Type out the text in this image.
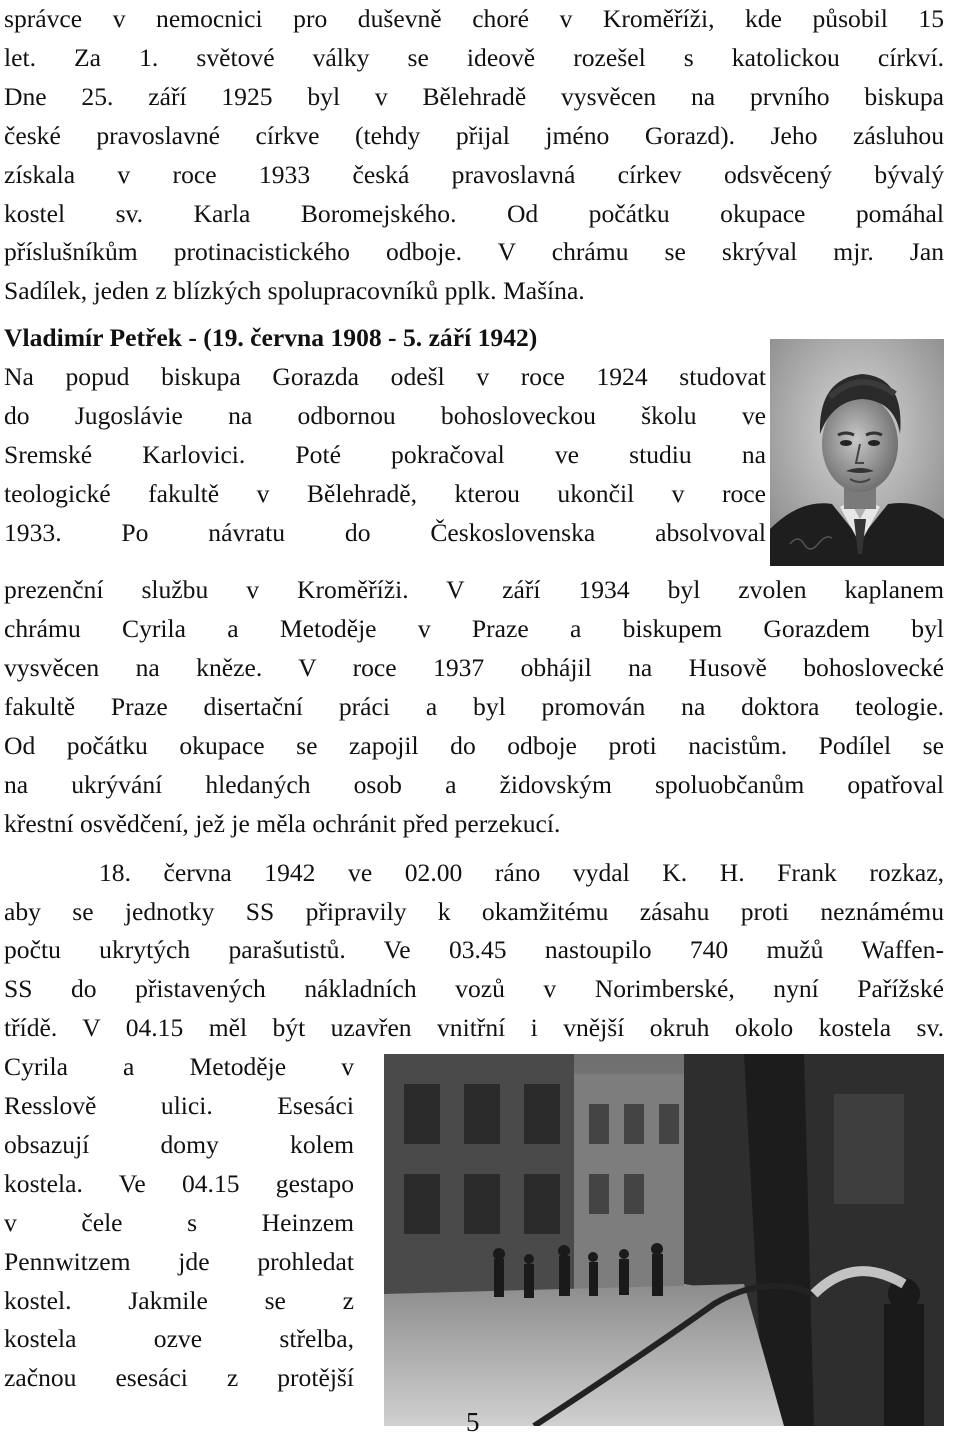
správce v nemocnici pro duševně choré v Kroměříži, kde působil 15

let. Za 1. světové války se ideově rozešel s katolickou církví.

Dne 25. září 1925 byl v Bělehradě vysvěcen na prvního biskupa

české pravoslavné církve (tehdy přijal jméno Gorazd). Jeho zásluhou

získala v roce 1933 česká pravoslavná církev odsvěcený bývalý

kostel sv. Karla Boromejského. Od počátku okupace pomáhal

příslušníkům protinacistického odboje. V chrámu se skrýval mjr. Jan

Sadílek, jeden z blízkých spolupracovníků pplk. Mašína.

Vladimír Petřek - (19. června 1908 - 5. září 1942)

Na popud biskupa Gorazda odešl v roce 1924 studovat

do Jugoslávie na odbornou bohosloveckou školu ve

Sremské Karlovici. Poté pokračoval ve studiu na

teologické fakultě v Bělehradě, kterou ukončil v roce

1933. Po návratu do Československa absolvoval

prezenční službu v Kroměříži. V září 1934 byl zvolen kaplanem

chrámu Cyrila a Metoděje v Praze a biskupem Gorazdem byl

vysvěcen na kněze. V roce 1937 obhájil na Husově bohoslovecké

fakultě Praze disertační práci a byl promován na doktora teologie.

Od počátku okupace se zapojil do odboje proti nacistům. Podílel se

na ukrývání hledaných osob a židovským spoluobčanům opatřoval

křestní osvědčení, jež je měla ochránit před perzekucí.

18. června 1942 ve 02.00 ráno vydal K. H. Frank rozkaz,

aby se jednotky SS připravily k okamžitému zásahu proti neznámému

počtu ukrytých parašutistů. Ve 03.45 nastoupilo 740 mužů Waffen-

SS do přistavených nákladních vozů v Norimberské, nyní Pařížské

třídě. V 04.15 měl být uzavřen vnitřní i vnější okruh okolo kostela sv.

Cyrila a Metoděje v

Resslově ulici. Esesáci

obsazují domy kolem

kostela. Ve 04.15 gestapo

v čele s Heinzem

Pennwitzem jde prohledat

kostel. Jakmile se z

kostela ozve střelba,

začnou esesáci z protější

5
